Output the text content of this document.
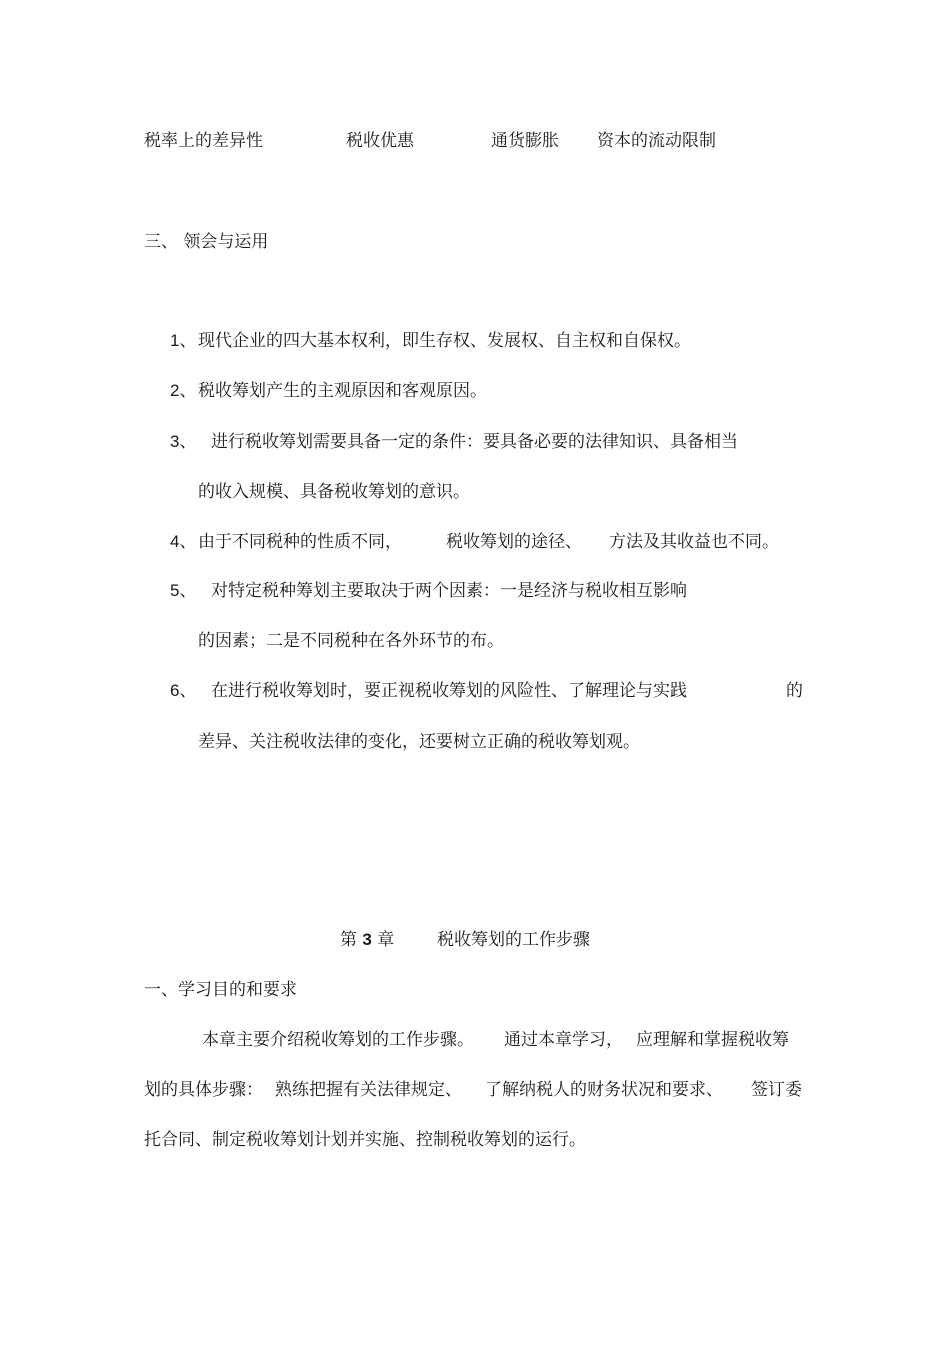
税率上的差异性	税收优惠	通货膨胀 资本的流动限制
三、 领会与运用
1、 现代企业的四大基本权利，即生存权、发展权、自主权和自保权。
2、 税收筹划产生的主观原因和客观原因。
3、 进行税收筹划需要具备一定的条件：要具备必要的法律知识、具备相当
的收入规模、具备税收筹划的意识。
4、 由于不同税种的性质不同，	税收筹划的途径、 方法及其收益也不同。
5、 对特定税种筹划主要取决于两个因素：一是经济与税收相互影响
的因素；二是不同税种在各外环节的布。
6、 在进行税收筹划时，要正视税收筹划的风险性、了解理论与实践	的
差异、关注税收法律的变化，还要树立正确的税收筹划观。
第 3 章	税收筹划的工作步骤
一、学习目的和要求
本章主要介绍税收筹划的工作步骤。 通过本章学习， 应理解和掌握税收筹
划的具体步骤： 熟练把握有关法律规定、 了解纳税人的财务状况和要求、 签订委
托合同、制定税收筹划计划并实施、控制税收筹划的运行。
